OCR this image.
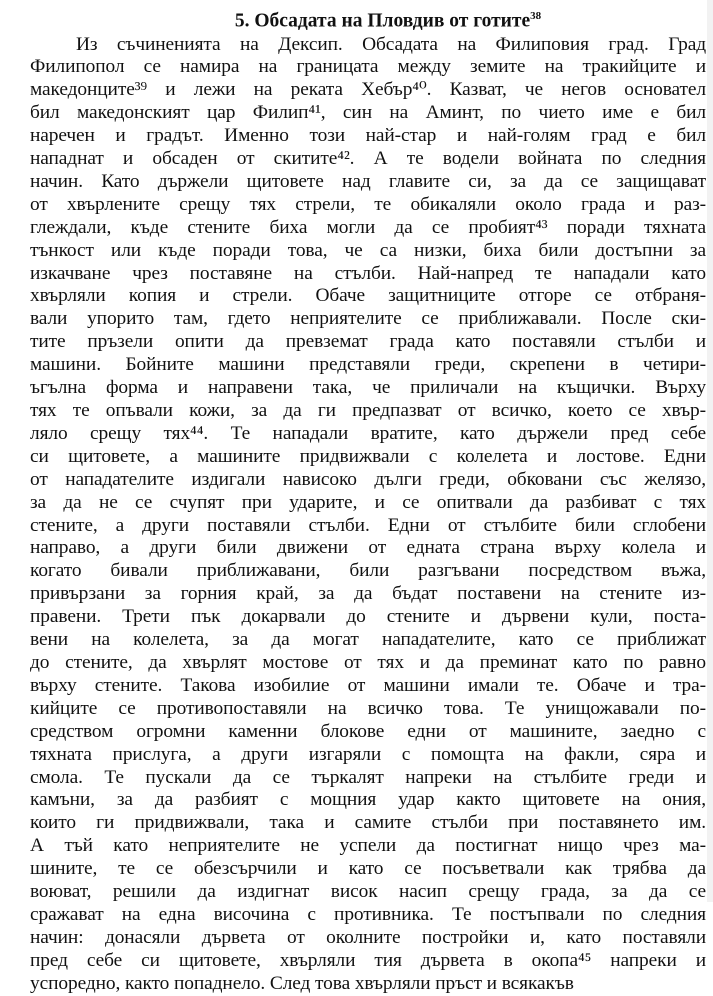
5. Обсадата на Пловдив от готите$^{38}$
Из съчиненията на Дексип. Обсадата на Филиповия град. Град
Филипопол се намира на границата между земите на тракийците и
македонците³⁹ и лежи на реката Хебър⁴⁰. Казват, че негов основател
бил македонският цар Филип⁴¹, син на Аминт, по чието име е бил
наречен и градът. Именно този най-стар и най-голям град е бил
нападнат и обсаден от скитите⁴². А те водели войната по следния
начин. Като държели щитовете над главите си, за да се защищават
от хвърлените срещу тях стрели, те обикаляли около града и раз-
глеждали, къде стените биха могли да се пробият⁴³ поради тяхната
тънкост или къде поради това, че са низки, биха били достъпни за
изкачване чрез поставяне на стълби. Най-напред те нападали като
хвърляли копия и стрели. Обаче защитниците отгоре се отбраня-
вали упорито там, гдето неприятелите се приближавали. После ски-
тите пръзели опити да превземат града като поставяли стълби и
машини. Бойните машини представяли греди, скрепени в четири-
ъгълна форма и направени така, че приличали на къщички. Върху
тях те опъвали кожи, за да ги предпазват от всичко, което се хвър-
ляло срещу тях⁴⁴. Те нападали вратите, като държели пред себе
си щитовете, а машините придвижвали с колелета и лостове. Едни
от нападателите издигали нависоко дълги греди, обковани със желязо,
за да не се счупят при ударите, и се опитвали да разбиват с тях
стените, а други поставяли стълби. Едни от стълбите били сглобени
направо, а други били движени от едната страна върху колела и
когато бивали приближавани, били разгъвани посредством въжа,
привързани за горния край, за да бъдат поставени на стените из-
правени. Трети пък докарвали до стените и дървени кули, поста-
вени на колелета, за да могат нападателите, като се приближат
до стените, да хвърлят мостове от тях и да преминат като по равно
върху стените. Такова изобилие от машини имали те. Обаче и тра-
кийците се противопоставяли на всичко това. Те унищожавали по-
средством огромни каменни блокове едни от машините, заедно с
тяхната прислуга, а други изгаряли с помощта на факли, сяра и
смола. Те пускали да се търкалят напреки на стълбите греди и
камъни, за да разбият с мощния удар както щитовете на ония,
които ги придвижвали, така и самите стълби при поставянето им.
А тъй като неприятелите не успели да постигнат нищо чрез ма-
шините, те се обезсърчили и като се посъветвали как трябва да
воюват, решили да издигнат висок насип срещу града, за да се
сражават на една височина с противника. Те постъпвали по следния
начин: донасяли дървета от околните постройки и, като поставяли
пред себе си щитовете, хвърляли тия дървета в окопа⁴⁵ напреки и
успоредно, както попаднело. След това хвърляли пръст и всякакъв
